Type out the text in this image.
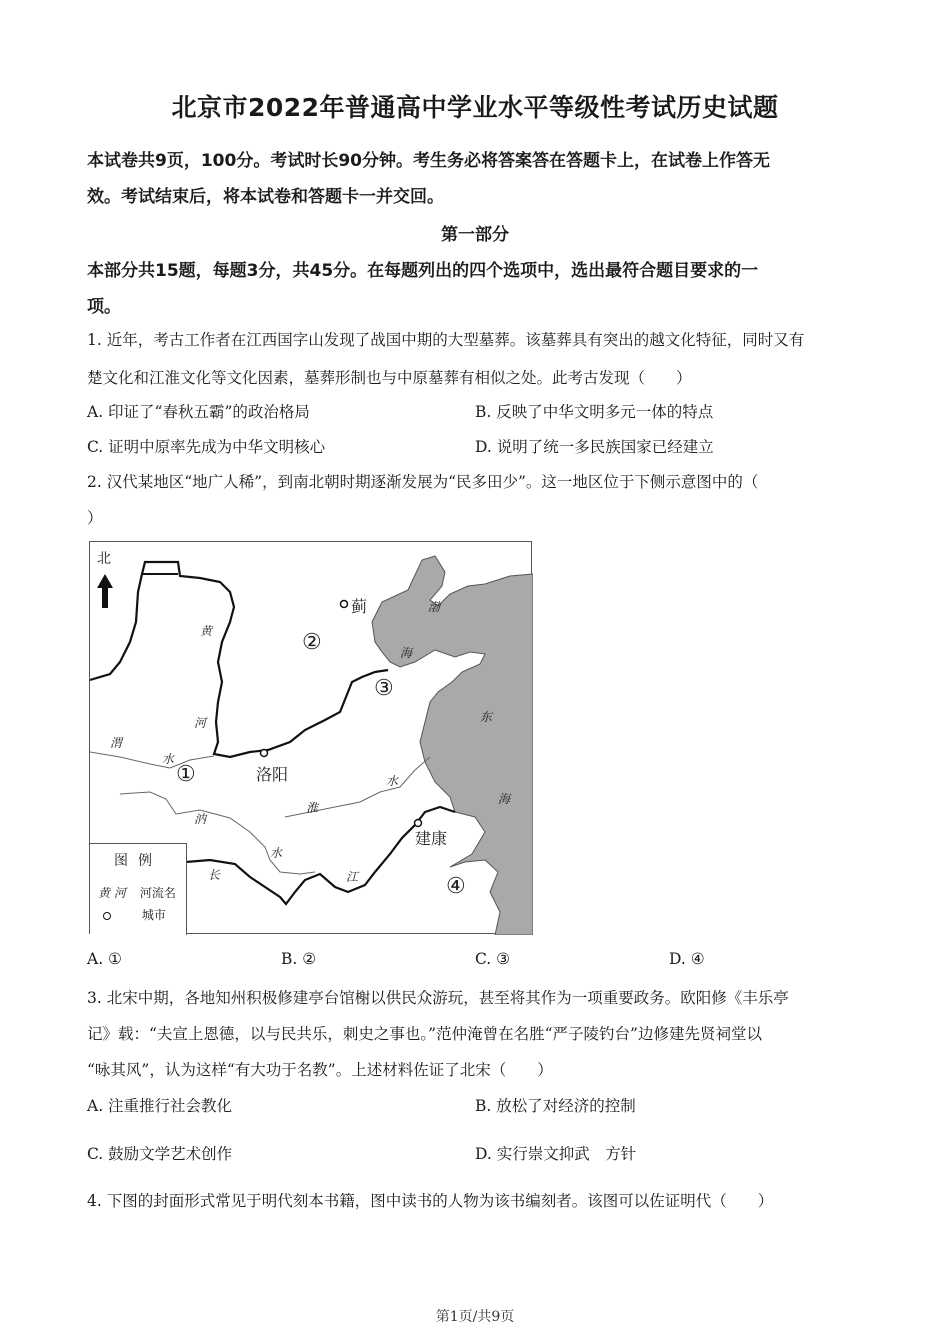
北京市2022年普通高中学业水平等级性考试历史试题
本试卷共9页，100分。考试时长90分钟。考生务必将答案答在答题卡上，在试卷上作答无
效。考试结束后，将本试卷和答题卡一并交回。
第一部分
本部分共15题，每题3分，共45分。在每题列出的四个选项中，选出最符合题目要求的一
项。
1. 近年，考古工作者在江西国字山发现了战国中期的大型墓葬。该墓葬具有突出的越文化特征，同时又有
楚文化和江淮文化等文化因素，墓葬形制也与中原墓葬有相似之处。此考古发现（　　）
A. 印证了“春秋五霸”的政治格局	B. 反映了中华文明多元一体的特点
C. 证明中原率先成为中华文明核心	D. 说明了统一多民族国家已经建立
2. 汉代某地区“地广人稀”，到南北朝时期逐渐发展为“民多田少”。这一地区位于下侧示意图中的（
）
北
蓟
洛阳
建康
②
③
①
④
黄
河
渭
水
淮
水
汭
水
长	江
渤
海
东
海
图例
黄 河 河流名
城市
A. ①	B. ②	C. ③	D. ④
3. 北宋中期，各地知州积极修建亭台馆榭以供民众游玩，甚至将其作为一项重要政务。欧阳修《丰乐亭
记》载：“夫宣上恩德，以与民共乐，刺史之事也。”范仲淹曾在名胜“严子陵钓台”边修建先贤祠堂以
“咏其风”，认为这样“有大功于名教”。上述材料佐证了北宋（　　）
A. 注重推行社会教化	B. 放松了对经济的控制
C. 鼓励文学艺术创作	D. 实行崇文抑武　方针
4. 下图的封面形式常见于明代刻本书籍，图中读书的人物为该书编刻者。该图可以佐证明代（　　）
第1页/共9页
